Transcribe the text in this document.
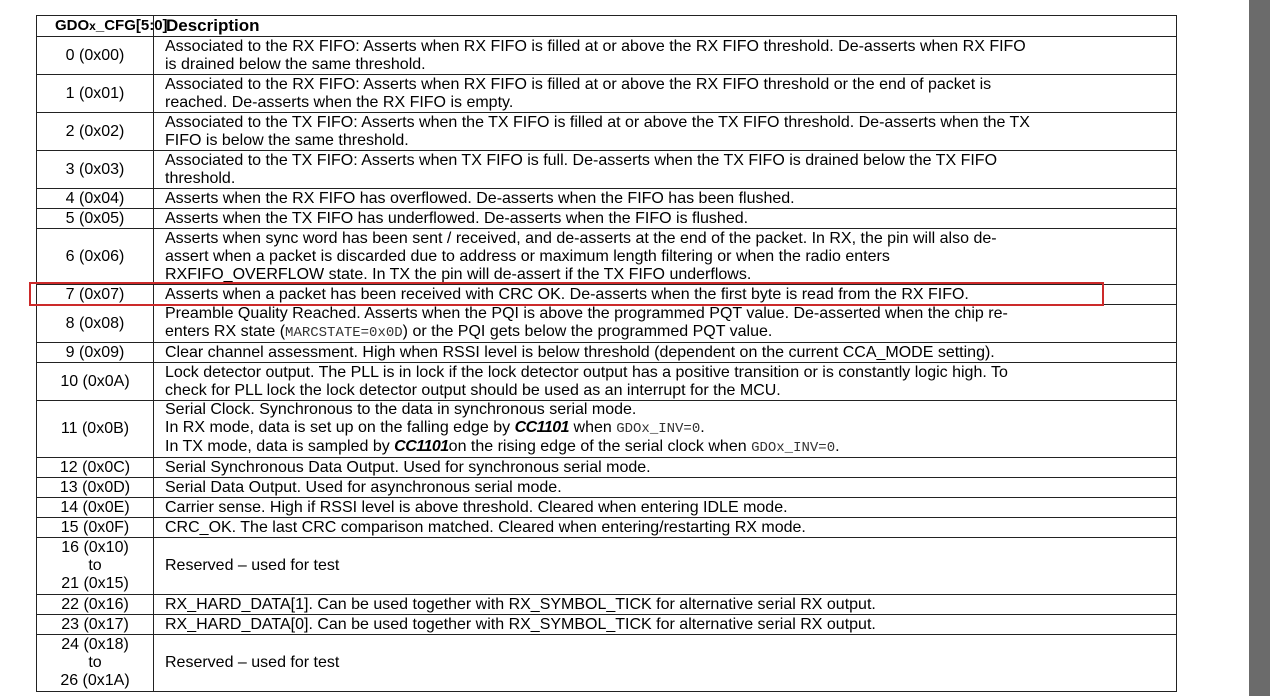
GDOx_CFG[5:0]	Description
0 (0x00)	Associated to the RX FIFO: Asserts when RX FIFO is filled at or above the RX FIFO threshold. De-asserts when RX FIFO
is drained below the same threshold.

1 (0x01)	Associated to the RX FIFO: Asserts when RX FIFO is filled at or above the RX FIFO threshold or the end of packet is
reached. De-asserts when the RX FIFO is empty.

2 (0x02)	Associated to the TX FIFO: Asserts when the TX FIFO is filled at or above the TX FIFO threshold. De-asserts when the TX
FIFO is below the same threshold.

3 (0x03)	Associated to the TX FIFO: Asserts when TX FIFO is full. De-asserts when the TX FIFO is drained below the TX FIFO
threshold.

4 (0x04)	Asserts when the RX FIFO has overflowed. De-asserts when the FIFO has been flushed.

5 (0x05)	Asserts when the TX FIFO has underflowed. De-asserts when the FIFO is flushed.

6 (0x06)	Asserts when sync word has been sent / received, and de-asserts at the end of the packet. In RX, the pin will also de-
assert when a packet is discarded due to address or maximum length filtering or when the radio enters
RXFIFO_OVERFLOW state. In TX the pin will de-assert if the TX FIFO underflows.

7 (0x07)	Asserts when a packet has been received with CRC OK. De-asserts when the first byte is read from the RX FIFO.

8 (0x08)	Preamble Quality Reached. Asserts when the PQI is above the programmed PQT value. De-asserted when the chip re-
enters RX state (MARCSTATE=0x0D) or the PQI gets below the programmed PQT value.

9 (0x09)	Clear channel assessment. High when RSSI level is below threshold (dependent on the current CCA_MODE setting).

10 (0x0A)	Lock detector output. The PLL is in lock if the lock detector output has a positive transition or is constantly logic high. To
check for PLL lock the lock detector output should be used as an interrupt for the MCU.

11 (0x0B)	Serial Clock. Synchronous to the data in synchronous serial mode.
In RX mode, data is set up on the falling edge by CC1101 when GDOx_INV=0.
In TX mode, data is sampled by CC1101on the rising edge of the serial clock when GDOx_INV=0.

12 (0x0C)	Serial Synchronous Data Output. Used for synchronous serial mode.

13 (0x0D)	Serial Data Output. Used for asynchronous serial mode.

14 (0x0E)	Carrier sense. High if RSSI level is above threshold. Cleared when entering IDLE mode.

15 (0x0F)	CRC_OK. The last CRC comparison matched. Cleared when entering/restarting RX mode.

16 (0x10)
to
21 (0x15)	Reserved – used for test

22 (0x16)	RX_HARD_DATA[1]. Can be used together with RX_SYMBOL_TICK for alternative serial RX output.

23 (0x17)	RX_HARD_DATA[0]. Can be used together with RX_SYMBOL_TICK for alternative serial RX output.

24 (0x18)
to
26 (0x1A)	Reserved – used for test
